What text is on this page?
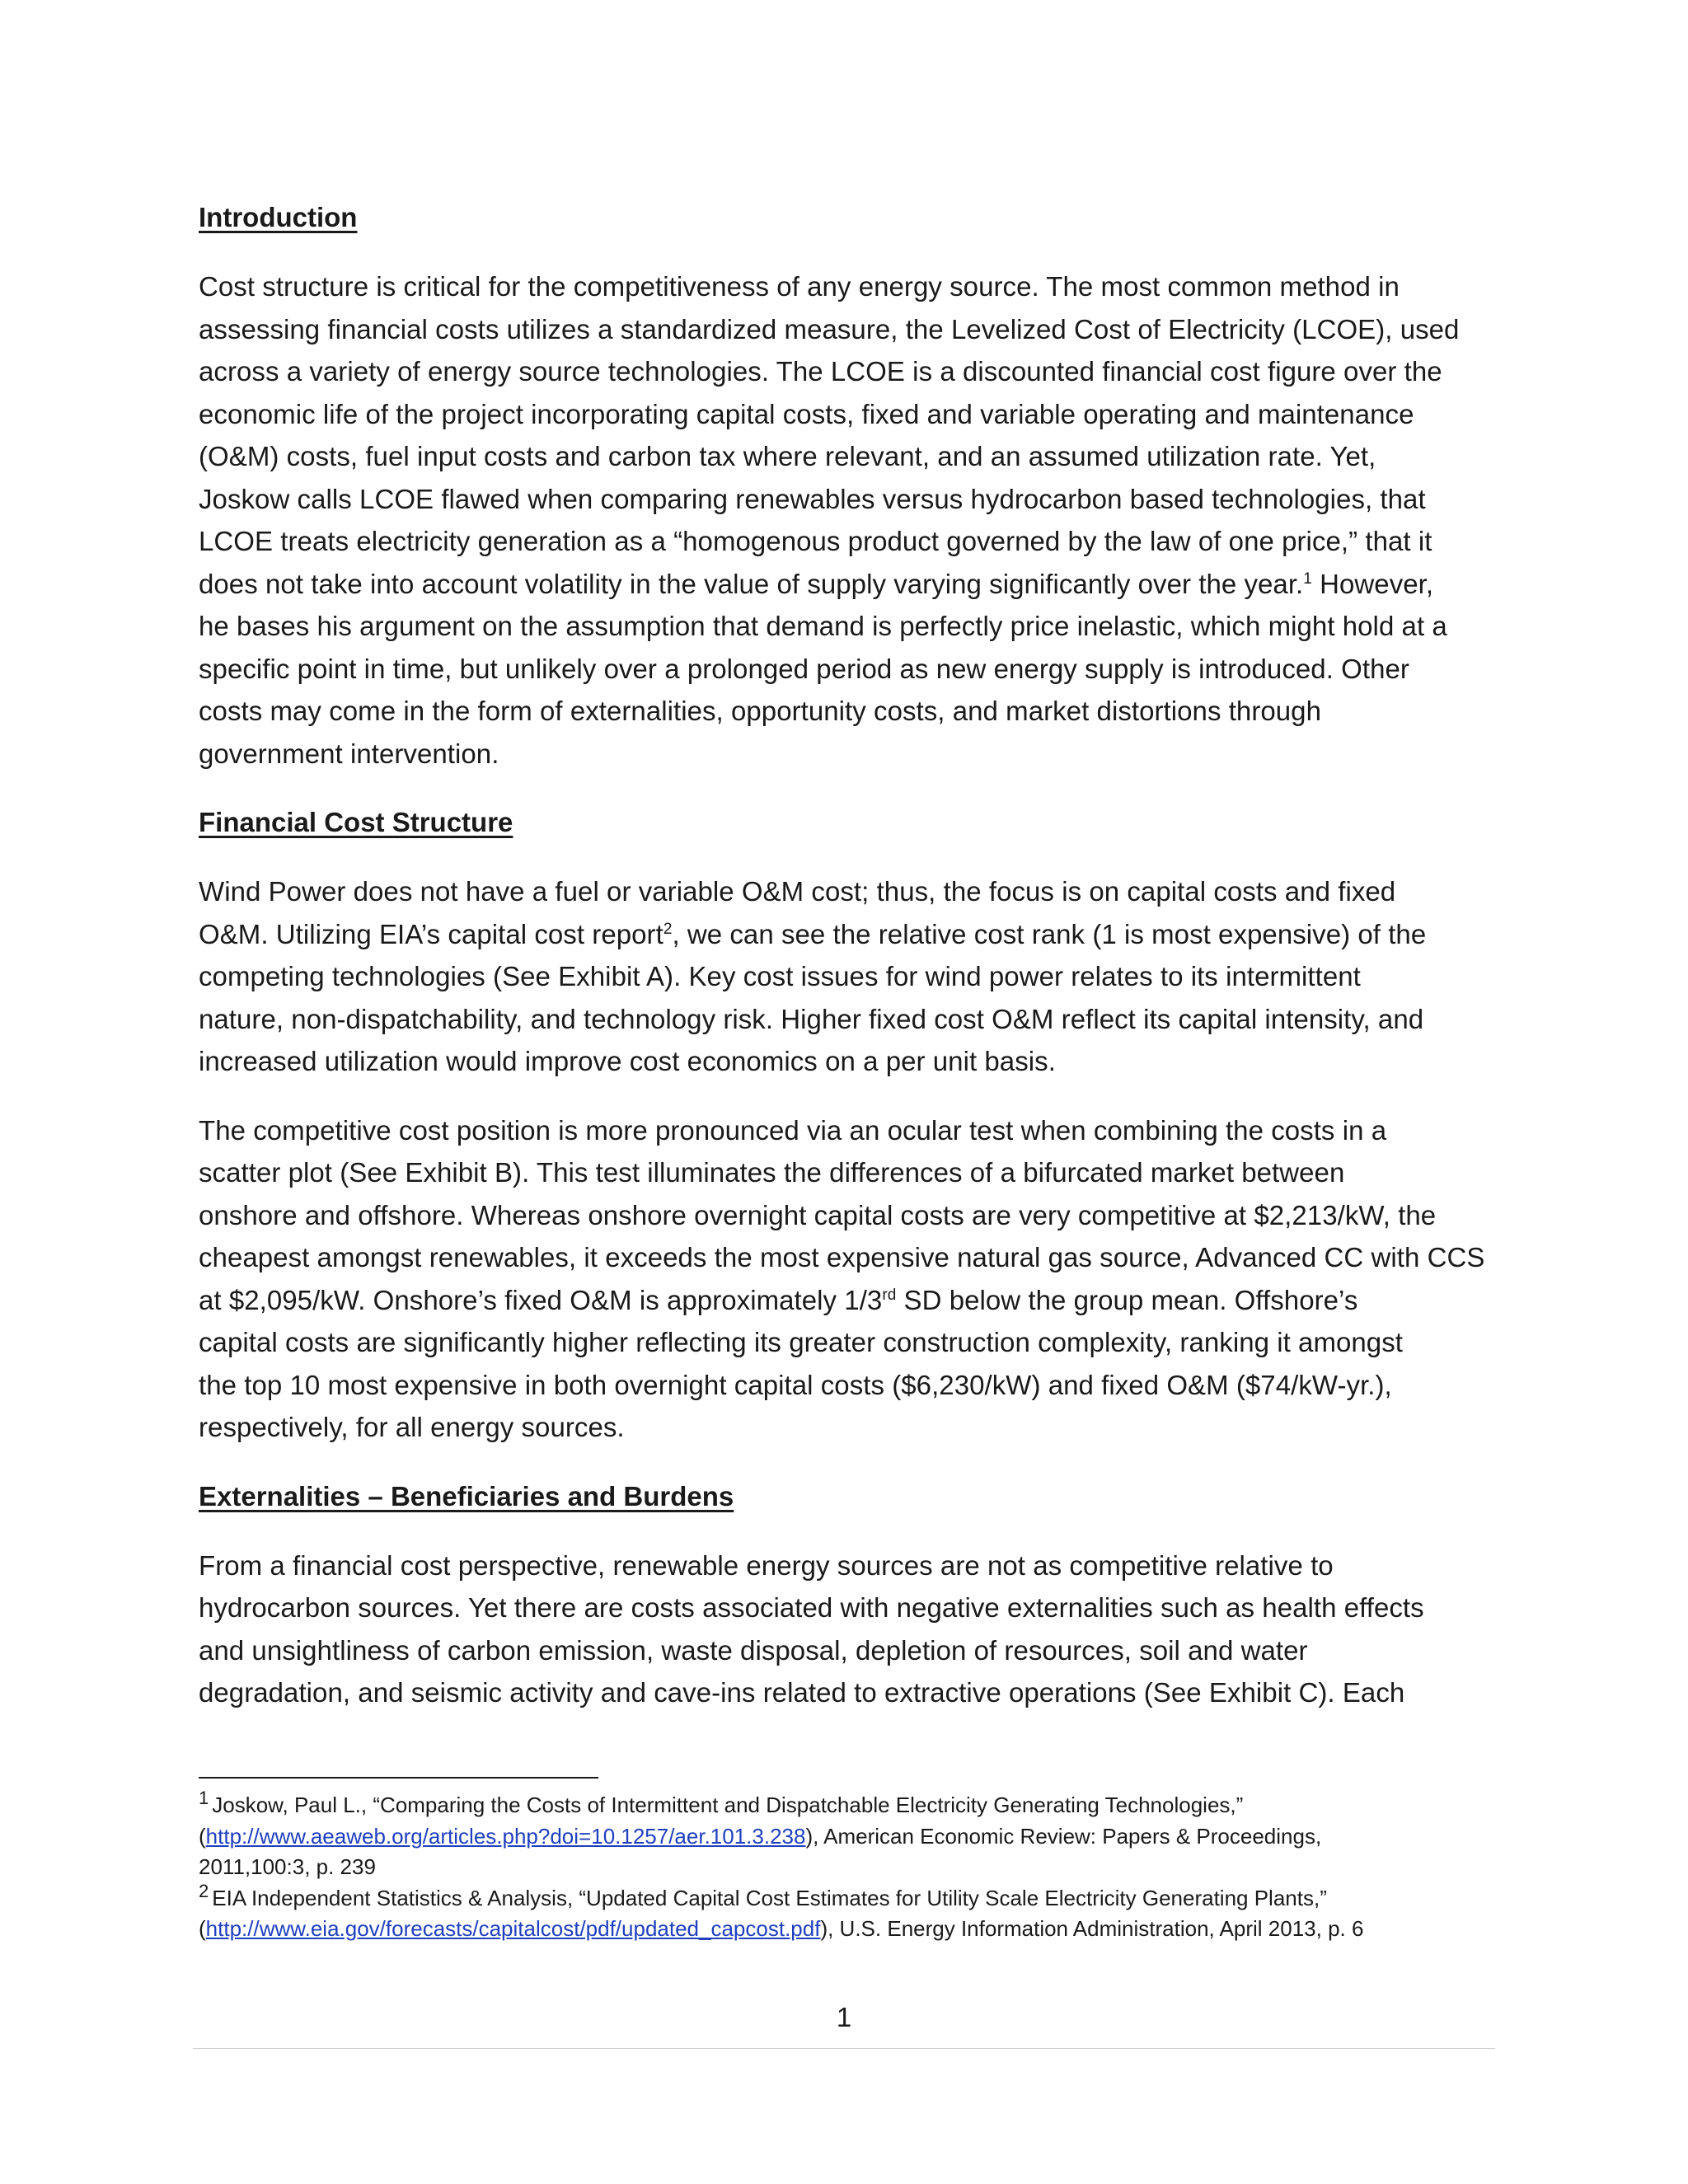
Introduction
Cost structure is critical for the competitiveness of any energy source. The most common method in
assessing financial costs utilizes a standardized measure, the Levelized Cost of Electricity (LCOE), used
across a variety of energy source technologies. The LCOE is a discounted financial cost figure over the
economic life of the project incorporating capital costs, fixed and variable operating and maintenance
(O&M) costs, fuel input costs and carbon tax where relevant, and an assumed utilization rate. Yet,
Joskow calls LCOE flawed when comparing renewables versus hydrocarbon based technologies, that
LCOE treats electricity generation as a “homogenous product governed by the law of one price,” that it
does not take into account volatility in the value of supply varying significantly over the year.$^1$ However,
he bases his argument on the assumption that demand is perfectly price inelastic, which might hold at a
specific point in time, but unlikely over a prolonged period as new energy supply is introduced. Other
costs may come in the form of externalities, opportunity costs, and market distortions through
government intervention.
Financial Cost Structure
Wind Power does not have a fuel or variable O&M cost; thus, the focus is on capital costs and fixed
O&M. Utilizing EIA’s capital cost report$^2$, we can see the relative cost rank (1 is most expensive) of the
competing technologies (See Exhibit A). Key cost issues for wind power relates to its intermittent
nature, non-dispatchability, and technology risk. Higher fixed cost O&M reflect its capital intensity, and
increased utilization would improve cost economics on a per unit basis.
The competitive cost position is more pronounced via an ocular test when combining the costs in a
scatter plot (See Exhibit B). This test illuminates the differences of a bifurcated market between
onshore and offshore. Whereas onshore overnight capital costs are very competitive at $2,213/kW, the
cheapest amongst renewables, it exceeds the most expensive natural gas source, Advanced CC with CCS
at $2,095/kW. Onshore’s fixed O&M is approximately 1/3rd SD below the group mean. Offshore’s
capital costs are significantly higher reflecting its greater construction complexity, ranking it amongst
the top 10 most expensive in both overnight capital costs ($6,230/kW) and fixed O&M ($74/kW-yr.),
respectively, for all energy sources.
Externalities – Beneficiaries and Burdens
From a financial cost perspective, renewable energy sources are not as competitive relative to
hydrocarbon sources. Yet there are costs associated with negative externalities such as health effects
and unsightliness of carbon emission, waste disposal, depletion of resources, soil and water
degradation, and seismic activity and cave-ins related to extractive operations (See Exhibit C). Each
$^1$ Joskow, Paul L., “Comparing the Costs of Intermittent and Dispatchable Electricity Generating Technologies,”
(http://www.aeaweb.org/articles.php?doi=10.1257/aer.101.3.238), American Economic Review: Papers & Proceedings,
2011,100:3, p. 239
$^2$ EIA Independent Statistics & Analysis, “Updated Capital Cost Estimates for Utility Scale Electricity Generating Plants,”
(http://www.eia.gov/forecasts/capitalcost/pdf/updated_capcost.pdf), U.S. Energy Information Administration, April 2013, p. 6
1
